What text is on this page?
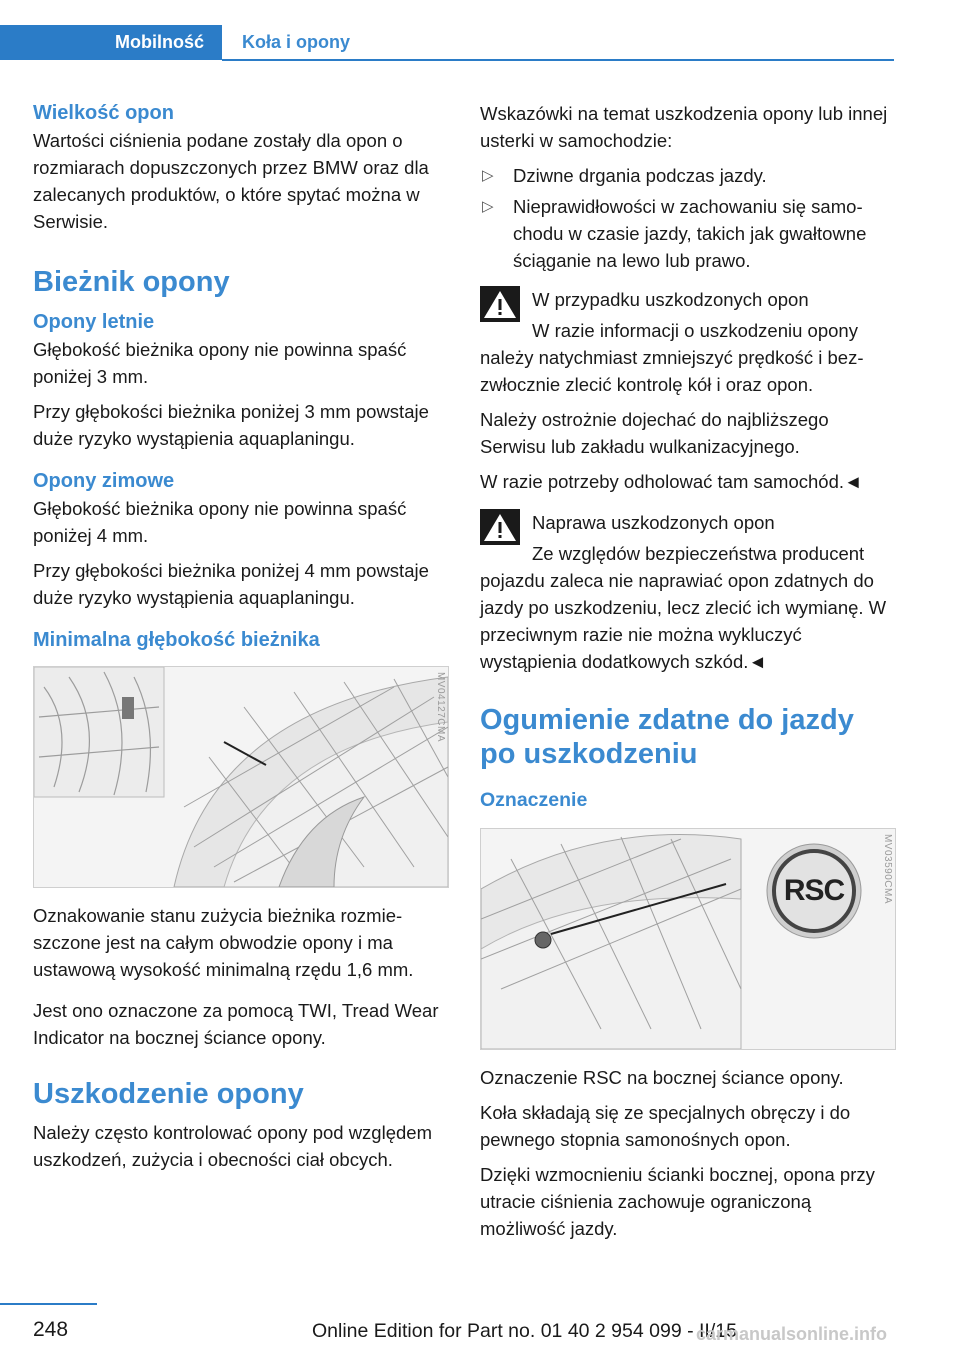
Mobilność	Koła i opony
Wielkość opon

Wartości ciśnienia podane zostały dla opon o rozmiarach dopuszczonych przez BMW oraz dla zalecanych produktów, o które spytać można w Serwisie.

Bieżnik opony
Opony letnie

Głębokość bieżnika opony nie powinna spaść poniżej 3 mm.

Przy głębokości bieżnika poniżej 3 mm powstaje duże ryzyko wystąpienia aquaplaningu.

Opony zimowe

Głębokość bieżnika opony nie powinna spaść poniżej 4 mm.

Przy głębokości bieżnika poniżej 4 mm powstaje duże ryzyko wystąpienia aquaplaningu.

Minimalna głębokość bieżnika
MV04127CMA

Oznakowanie stanu zużycia bieżnika rozmieszczone jest na całym obwodzie opony i ma ustawową wysokość minimalną rzędu 1,6 mm.

Jest ono oznaczone za pomocą TWI, Tread Wear Indicator na bocznej ściance opony.

Uszkodzenie opony

Należy często kontrolować opony pod względem uszkodzeń, zużycia i obecności ciał obcych.

Wskazówki na temat uszkodzenia opony lub innej usterki w samochodzie:

▷ Dziwne drgania podczas jazdy.
▷ Nieprawidłowości w zachowaniu się samochodu w czasie jazdy, takich jak gwałtowne ściąganie na lewo lub prawo.
W przypadku uszkodzonych opon

W razie informacji o uszkodzeniu opony należy natychmiast zmniejszyć prędkość i bezzwłocznie zlecić kontrolę kół i oraz opon.

Należy ostrożnie dojechać do najbliższego Serwisu lub zakładu wulkanizacyjnego.

W razie potrzeby odholować tam samochód.◄

Naprawa uszkodzonych opon

Ze względów bezpieczeństwa producent pojazdu zaleca nie naprawiać opon zdatnych do jazdy po uszkodzeniu, lecz zlecić ich wymianę. W przeciwnym razie nie można wykluczyć wystąpienia dodatkowych szkód.◄

Ogumienie zdatne do jazdy po uszkodzeniu
Oznaczenie
RSC	MV03590CMA

Oznaczenie RSC na bocznej ściance opony.

Koła składają się ze specjalnych obręczy i do pewnego stopnia samonośnych opon.

Dzięki wzmocnieniu ścianki bocznej, opona przy utracie ciśnienia zachowuje ograniczoną możliwość jazdy.

248	Online Edition for Part no. 01 40 2 954 099 - II/15
carmanualsonline.info
